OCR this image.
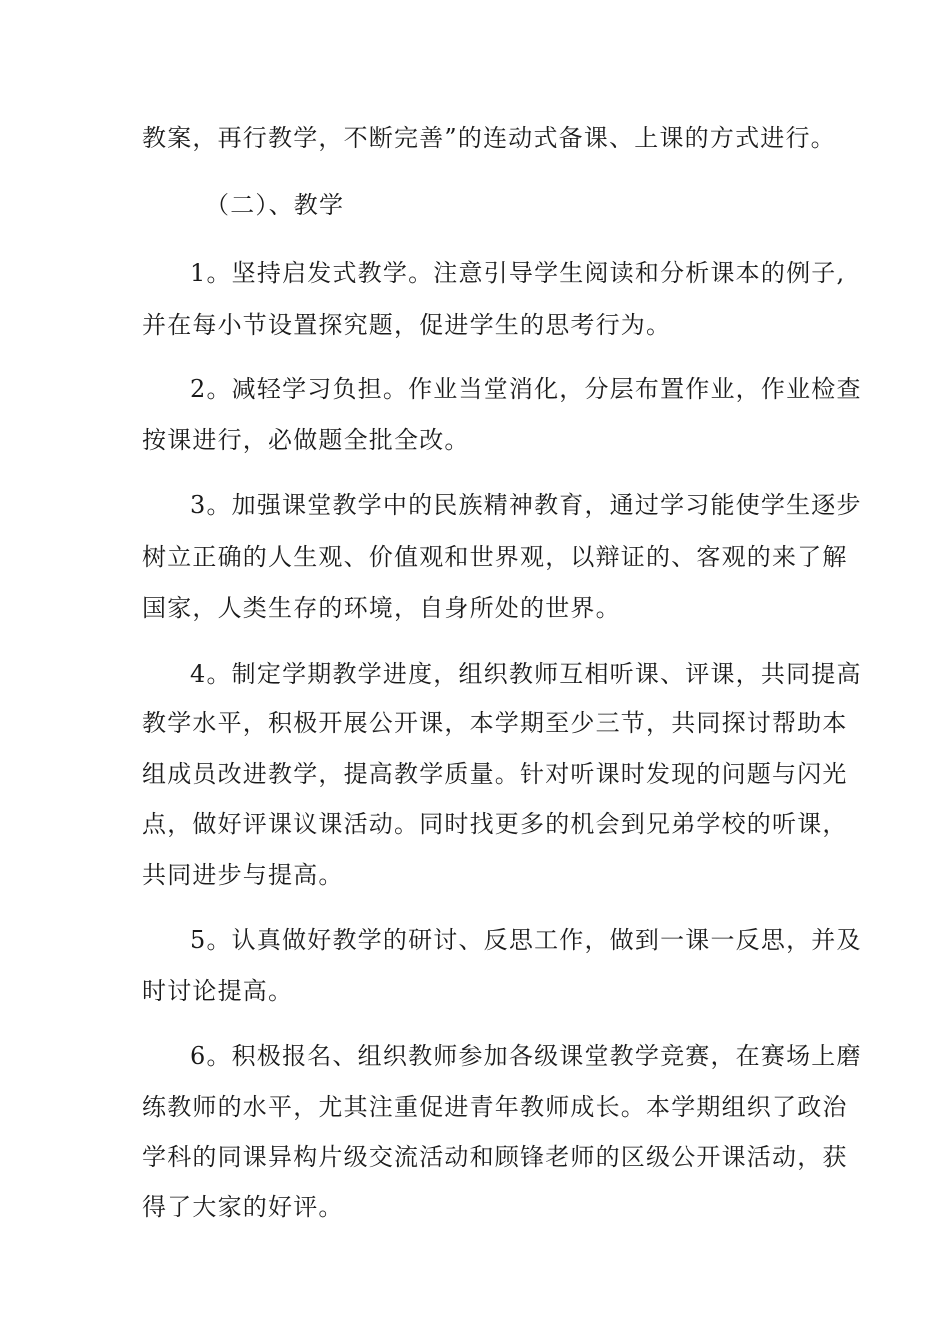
教案，再行教学，不断完善”的连动式备课、上课的方式进行。
（二）、教学
1。坚持启发式教学。注意引导学生阅读和分析课本的例子,
并在每小节设置探究题，促进学生的思考行为。
2。减轻学习负担。作业当堂消化，分层布置作业，作业检查
按课进行，必做题全批全改。
3。加强课堂教学中的民族精神教育，通过学习能使学生逐步
树立正确的人生观、价值观和世界观，以辩证的、客观的来了解
国家，人类生存的环境，自身所处的世界。
4。制定学期教学进度，组织教师互相听课、评课，共同提高
教学水平，积极开展公开课，本学期至少三节，共同探讨帮助本
组成员改进教学，提高教学质量。针对听课时发现的问题与闪光
点，做好评课议课活动。同时找更多的机会到兄弟学校的听课，
共同进步与提高。
5。认真做好教学的研讨、反思工作，做到一课一反思，并及
时讨论提高。
6。积极报名、组织教师参加各级课堂教学竞赛，在赛场上磨
练教师的水平，尤其注重促进青年教师成长。本学期组织了政治
学科的同课异构片级交流活动和顾锋老师的区级公开课活动，获
得了大家的好评。
